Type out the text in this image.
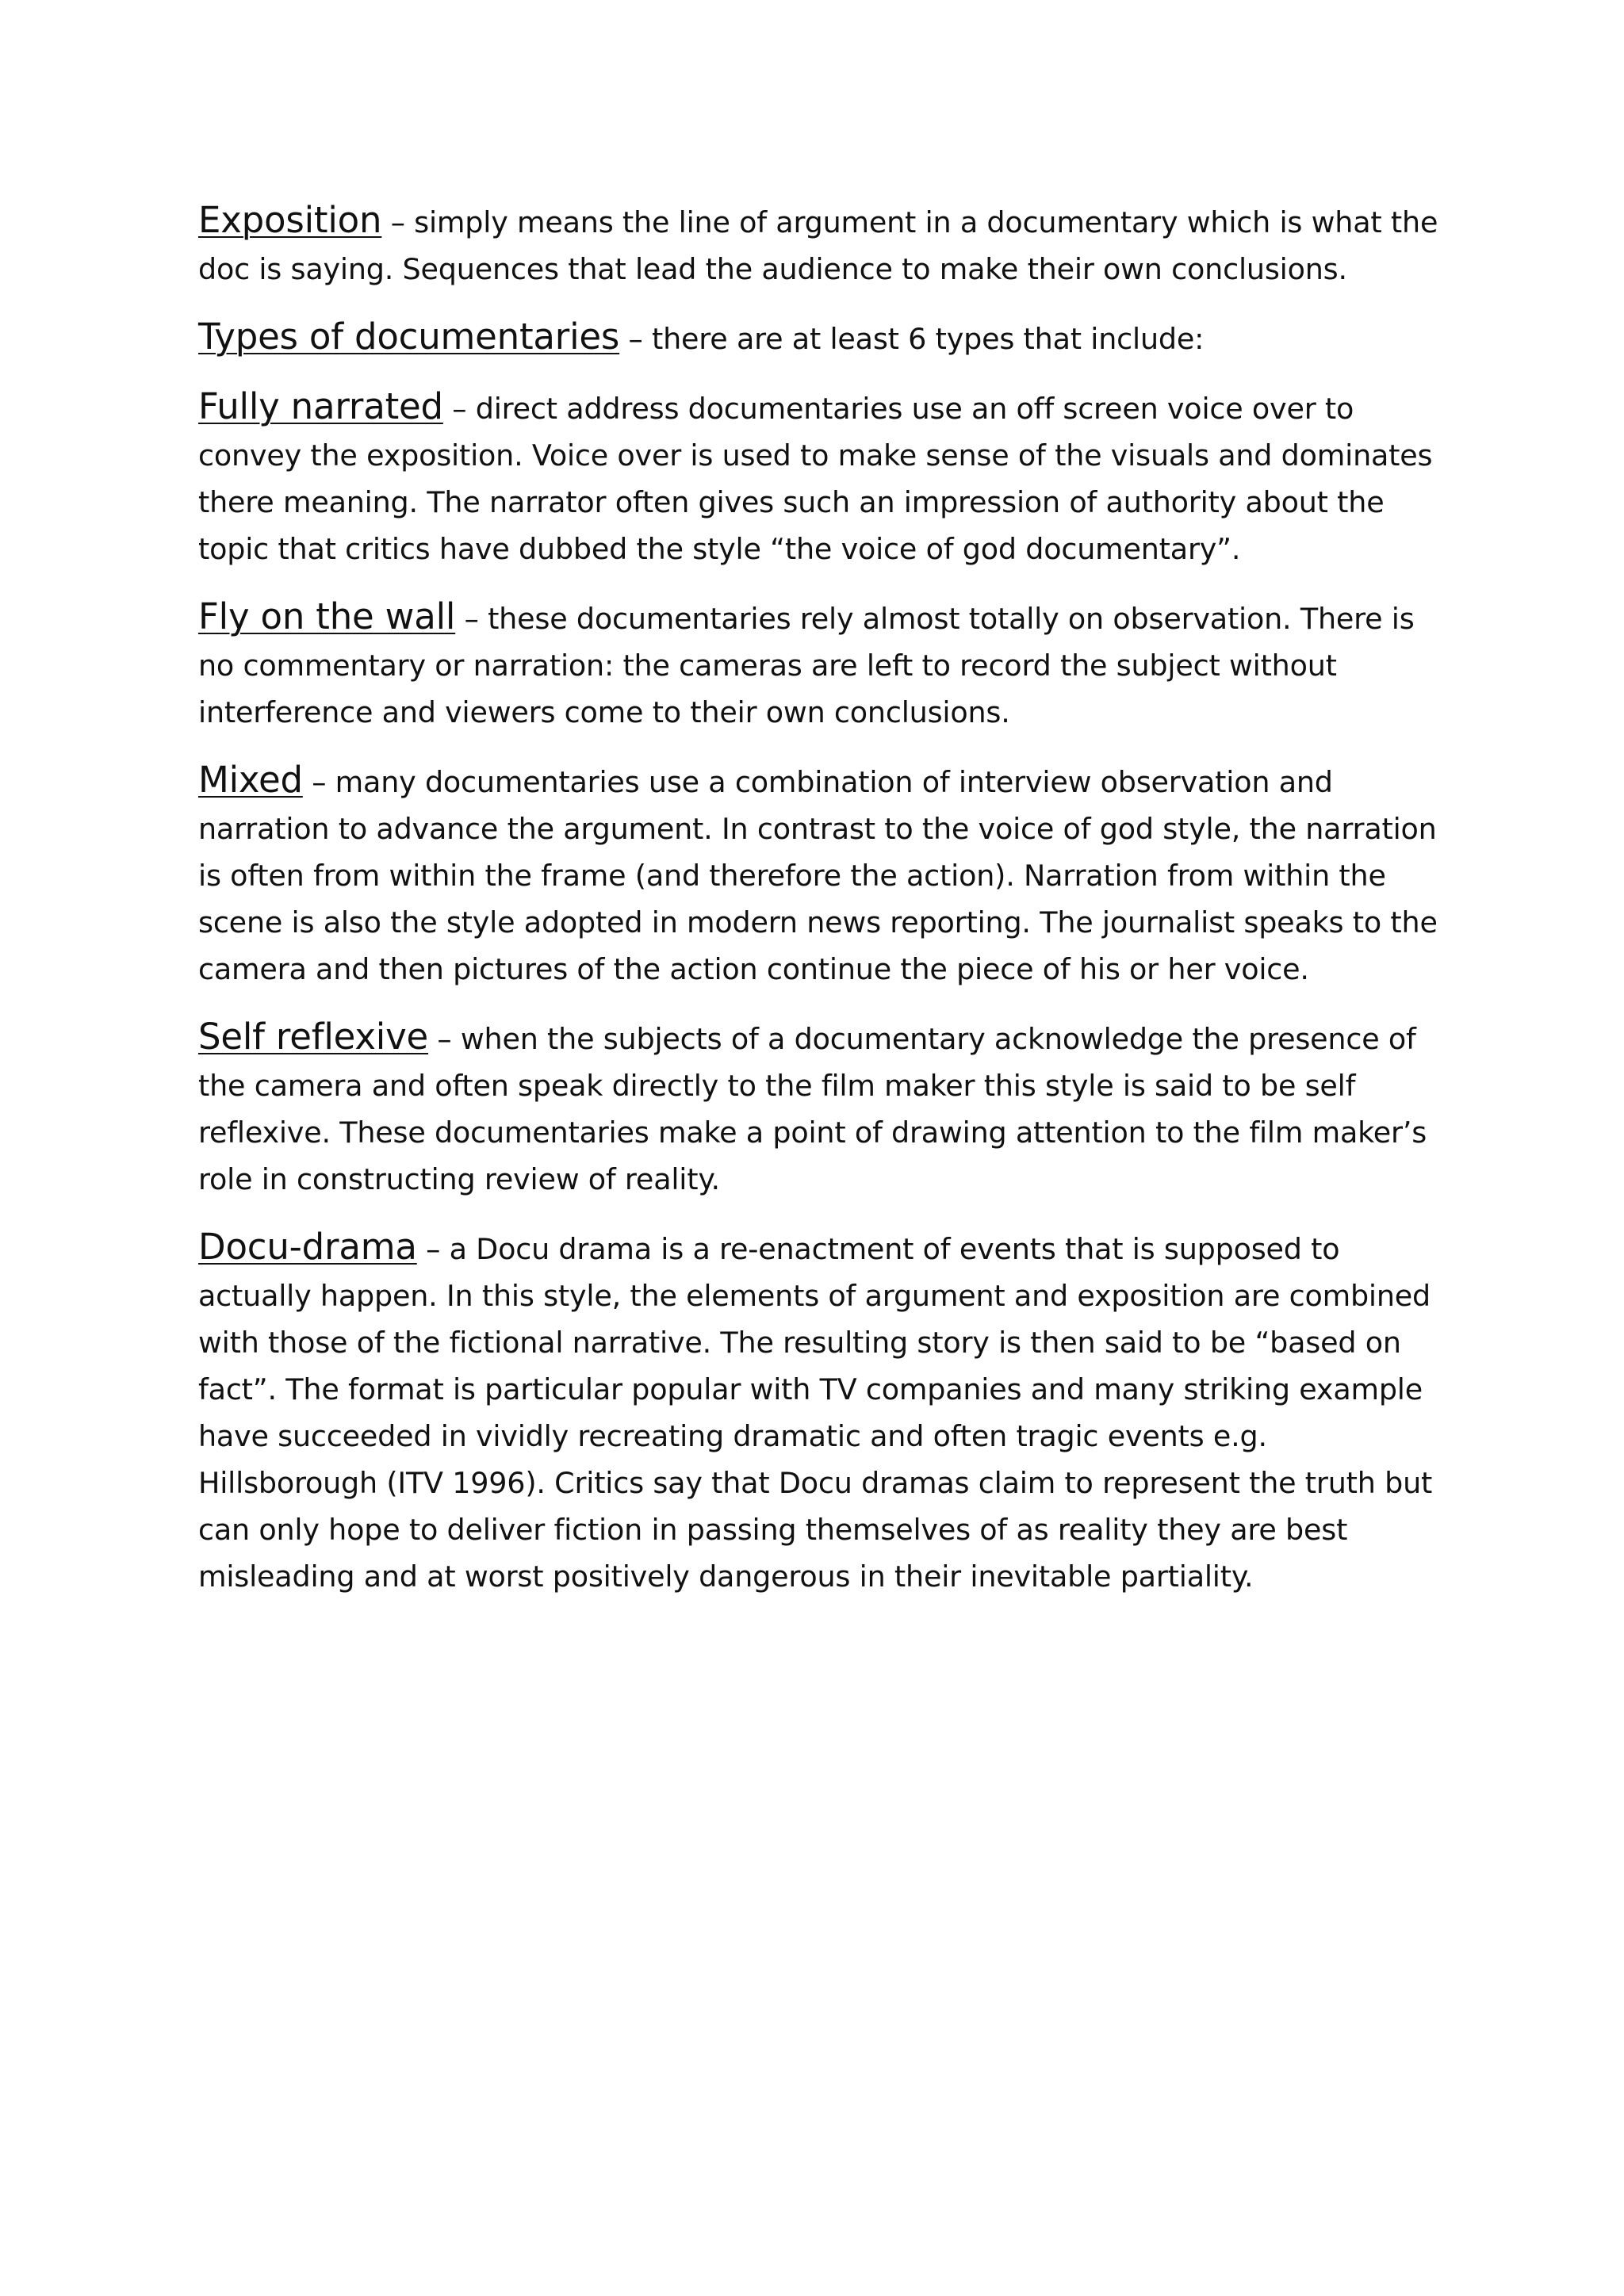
Exposition – simply means the line of argument in a documentary which is what the doc is saying. Sequences that lead the audience to make their own conclusions.

Types of documentaries – there are at least 6 types that include:

Fully narrated – direct address documentaries use an off screen voice over to convey the exposition. Voice over is used to make sense of the visuals and dominates there meaning. The narrator often gives such an impression of authority about the topic that critics have dubbed the style “the voice of god documentary”.

Fly on the wall – these documentaries rely almost totally on observation. There is no commentary or narration: the cameras are left to record the subject without interference and viewers come to their own conclusions.

Mixed – many documentaries use a combination of interview observation and narration to advance the argument. In contrast to the voice of god style, the narration is often from within the frame (and therefore the action). Narration from within the scene is also the style adopted in modern news reporting. The journalist speaks to the camera and then pictures of the action continue the piece of his or her voice.

Self reflexive – when the subjects of a documentary acknowledge the presence of the camera and often speak directly to the film maker this style is said to be self reflexive. These documentaries make a point of drawing attention to the film maker’s role in constructing review of reality.

Docu-drama – a Docu drama is a re-enactment of events that is supposed to actually happen. In this style, the elements of argument and exposition are combined with those of the fictional narrative. The resulting story is then said to be “based on fact”. The format is particular popular with TV companies and many striking example have succeeded in vividly recreating dramatic and often tragic events e.g. Hillsborough (ITV 1996). Critics say that Docu dramas claim to represent the truth but can only hope to deliver fiction in passing themselves of as reality they are best misleading and at worst positively dangerous in their inevitable partiality.
